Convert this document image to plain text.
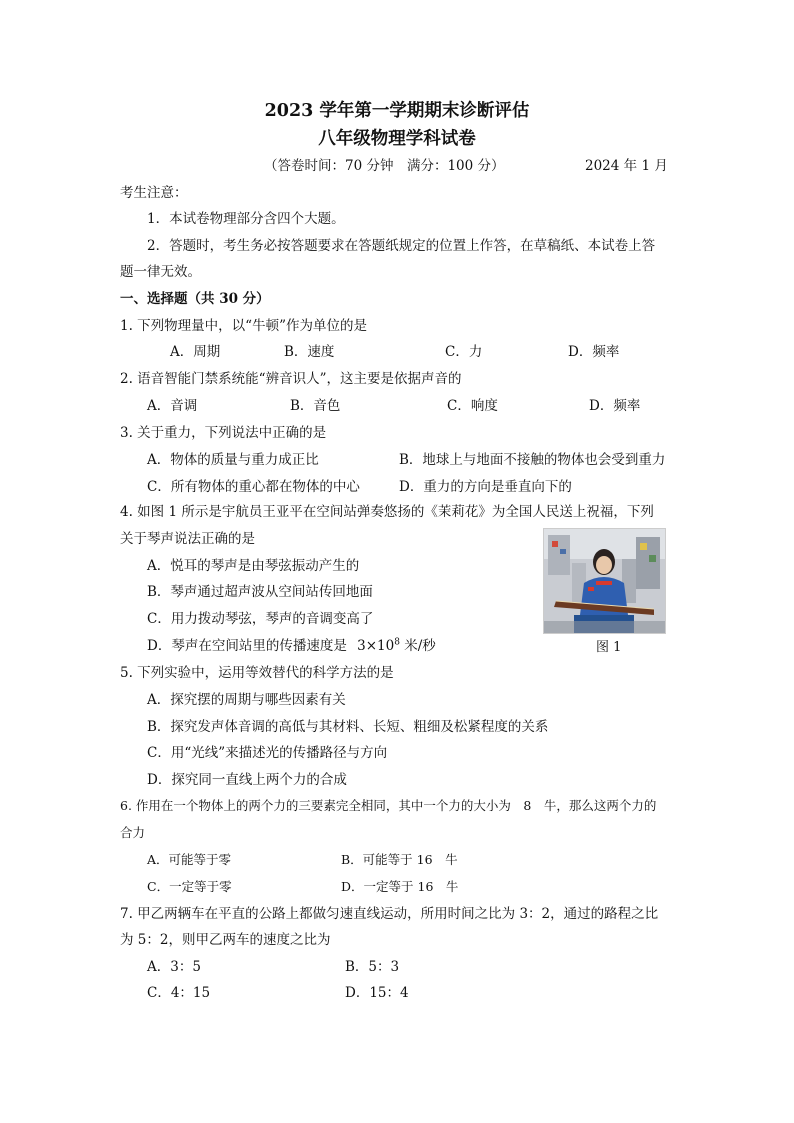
2023 学年第一学期期末诊断评估
八年级物理学科试卷
（答卷时间：70 分钟　满分：100 分）	2024 年 1 月
考生注意：
1．本试卷物理部分含四个大题。
2．答题时，考生务必按答题要求在答题纸规定的位置上作答，在草稿纸、本试卷上答
题一律无效。
一、选择题（共 30 分）
1. 下列物理量中，以“牛顿”作为单位的是
A．周期	B．速度	C．力	D．频率
2. 语音智能门禁系统能“辨音识人”，这主要是依据声音的
A．音调	B．音色	C．响度	D．频率
3. 关于重力，下列说法中正确的是
A．物体的质量与重力成正比	B．地球上与地面不接触的物体也会受到重力
C．所有物体的重心都在物体的中心	D．重力的方向是垂直向下的
4. 如图 1 所示是宇航员王亚平在空间站弹奏悠扬的《茉莉花》为全国人民送上祝福，下列
关于琴声说法正确的是
A．悦耳的琴声是由琴弦振动产生的
B．琴声通过超声波从空间站传回地面
C．用力拨动琴弦，琴声的音调变高了
D．琴声在空间站里的传播速度是 $3\times 10^8$ 米/秒	图 1
5. 下列实验中，运用等效替代的科学方法的是
A．探究摆的周期与哪些因素有关
B．探究发声体音调的高低与其材料、长短、粗细及松紧程度的关系
C．用“光线”来描述光的传播路径与方向
D．探究同一直线上两个力的合成
6. 作用在一个物体上的两个力的三要素完全相同，其中一个力的大小为　8　牛，那么这两个力的
合力
A．可能等于零	B．可能等于 16　牛
C．一定等于零	D．一定等于 16　牛
7. 甲乙两辆车在平直的公路上都做匀速直线运动，所用时间之比为 3：2，通过的路程之比
为 5：2，则甲乙两车的速度之比为
A．3：5	B．5：3
C．4：15	D．15：4
